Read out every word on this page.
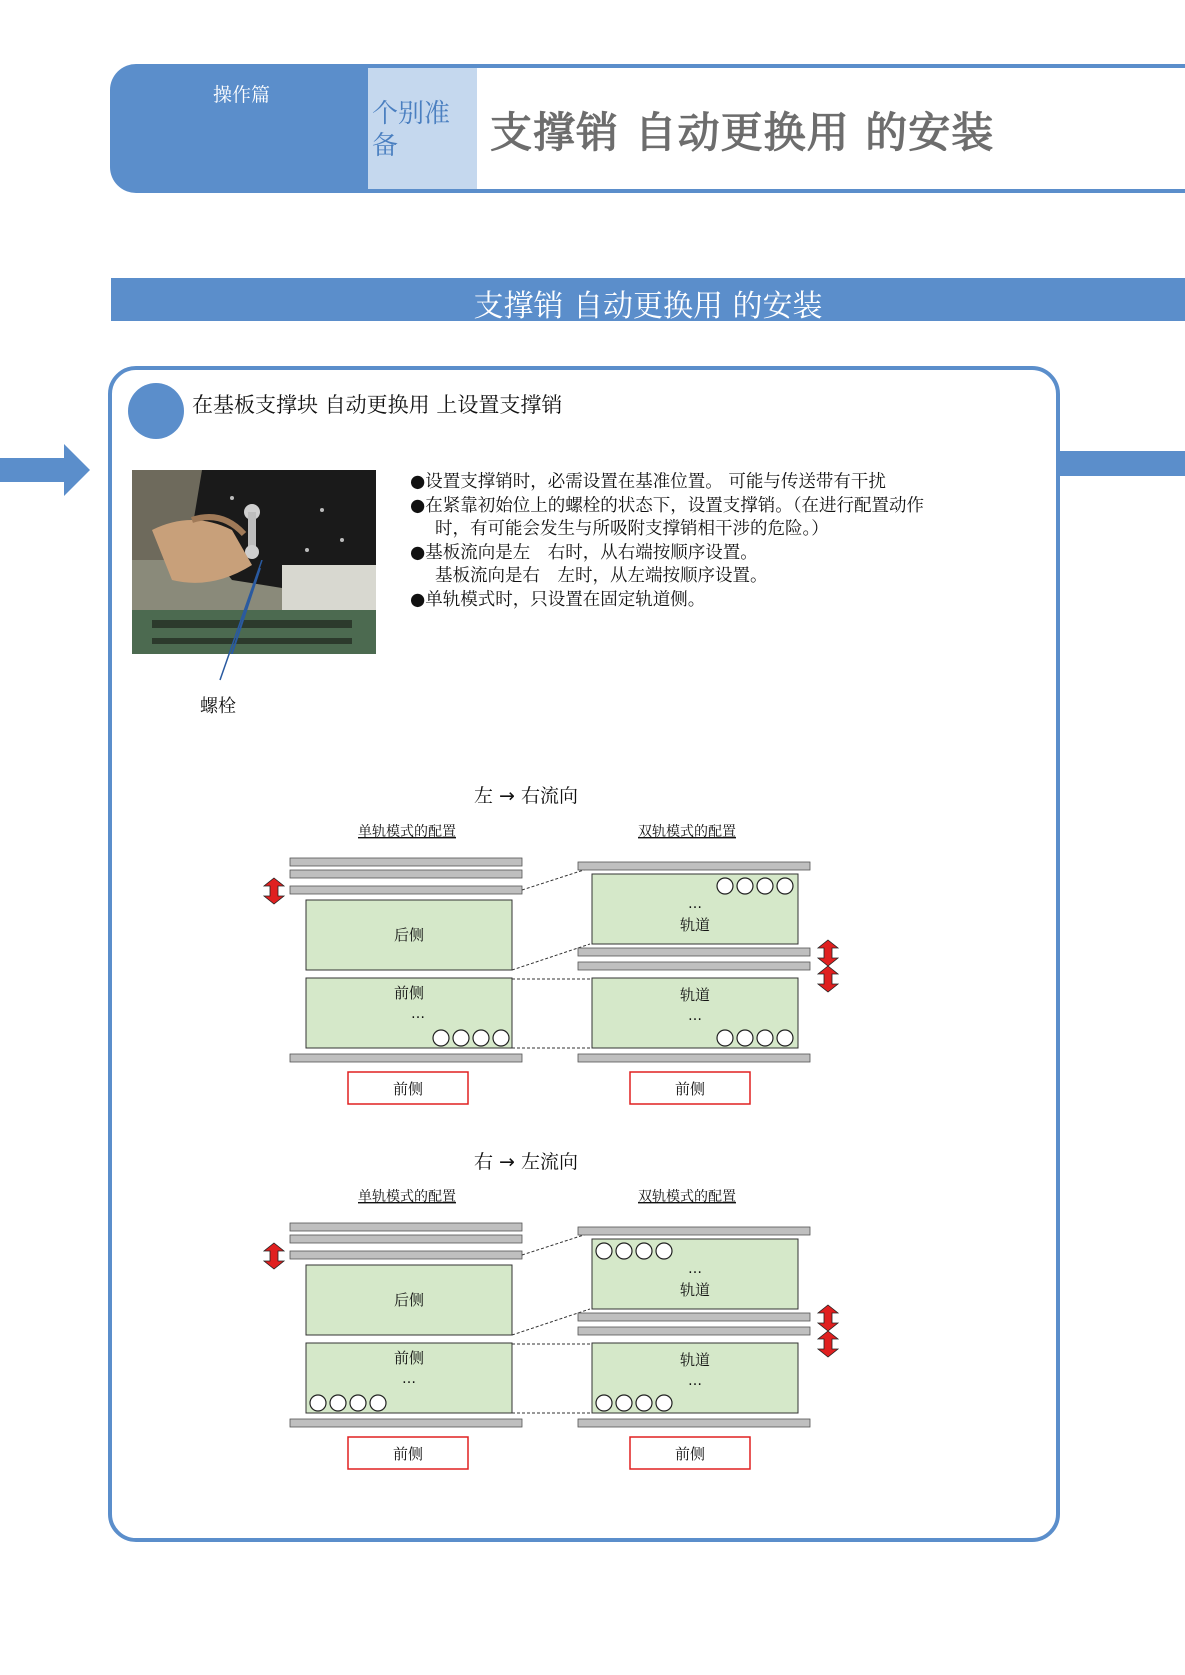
操作篇
个别准备	支撑销 自动更换用 的安装
支撑销 自动更换用 的安装
在基板支撑块 自动更换用 上设置支撑销
螺栓
●设置支撑销时，必需设置在基准位置。 可能与传送带有干扰
●在紧靠初始位上的螺栓的状态下，设置支撑销。（在进行配置动作
时，有可能会发生与所吸附支撑销相干涉的危险。）
●基板流向是左　右时，从右端按顺序设置。
基板流向是右　左时，从左端按顺序设置。
●单轨模式时，只设置在固定轨道侧。
左 → 右流向
单轨模式的配置	双轨模式的配置
后侧
前侧
…
前侧
…
轨道
轨道
…
前侧
右 → 左流向
单轨模式的配置	双轨模式的配置
后侧
前侧
…
前侧
…
轨道
轨道
…
前侧
